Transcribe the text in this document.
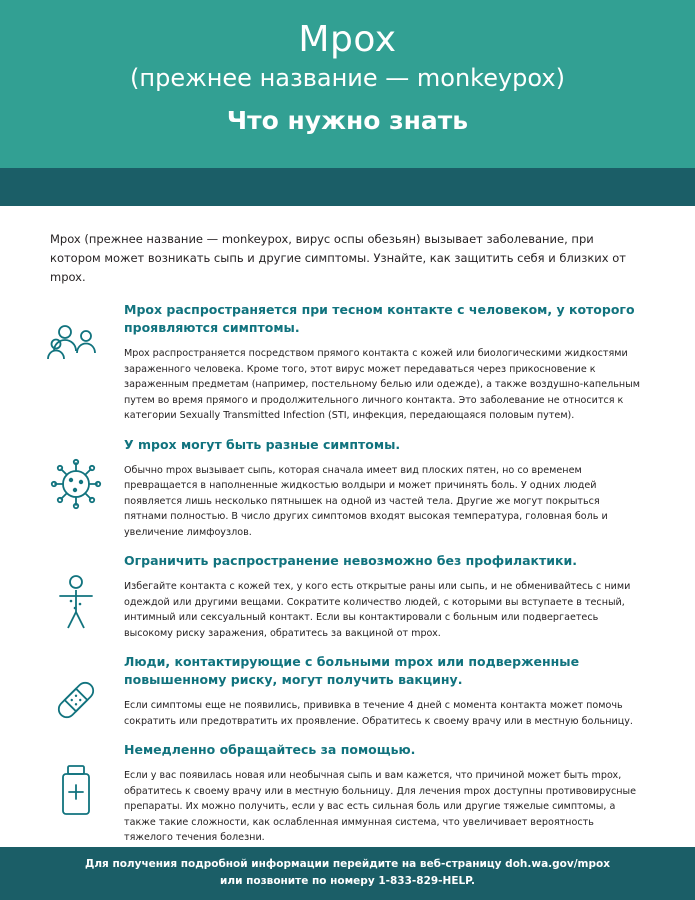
Mpox
(прежнее название — monkeypox)
Что нужно знать
Mpox (прежнее название — monkeypox, вирус оспы обезьян) вызывает заболевание, при котором может возникать сыпь и другие симптомы. Узнайте, как защитить себя и близких от mpox.
Mpox распространяется при тесном контакте с человеком, у которого проявляются симптомы.
Mpox распространяется посредством прямого контакта с кожей или биологическими жидкостями зараженного человека. Кроме того, этот вирус может передаваться через прикосновение к зараженным предметам (например, постельному белью или одежде), а также воздушно-капельным путем во время прямого и продолжительного личного контакта. Это заболевание не относится к категории Sexually Transmitted Infection (STI, инфекция, передающаяся половым путем).
У mpox могут быть разные симптомы.
Обычно mpox вызывает сыпь, которая сначала имеет вид плоских пятен, но со временем превращается в наполненные жидкостью волдыри и может причинять боль. У одних людей появляется лишь несколько пятнышек на одной из частей тела. Другие же могут покрыться пятнами полностью. В число других симптомов входят высокая температура, головная боль и увеличение лимфоузлов.
Ограничить распространение невозможно без профилактики.
Избегайте контакта с кожей тех, у кого есть открытые раны или сыпь, и не обменивайтесь с ними одеждой или другими вещами. Сократите количество людей, с которыми вы вступаете в тесный, интимный или сексуальный контакт. Если вы контактировали с больным или подвергаетесь высокому риску заражения, обратитесь за вакциной от mpox.
Люди, контактирующие с больными mpox или подверженные повышенному риску, могут получить вакцину.
Если симптомы еще не появились, прививка в течение 4 дней с момента контакта может помочь сократить или предотвратить их проявление. Обратитесь к своему врачу или в местную больницу.
Немедленно обращайтесь за помощью.
Если у вас появилась новая или необычная сыпь и вам кажется, что причиной может быть mpox, обратитесь к своему врачу или в местную больницу. Для лечения mpox доступны противовирусные препараты. Их можно получить, если у вас есть сильная боль или другие тяжелые симптомы, а также такие сложности, как ослабленная иммунная система, что увеличивает вероятность тяжелого течения болезни.
Для получения подробной информации перейдите на веб-страницу doh.wa.gov/mpox
или позвоните по номеру 1-833-829-HELP.
